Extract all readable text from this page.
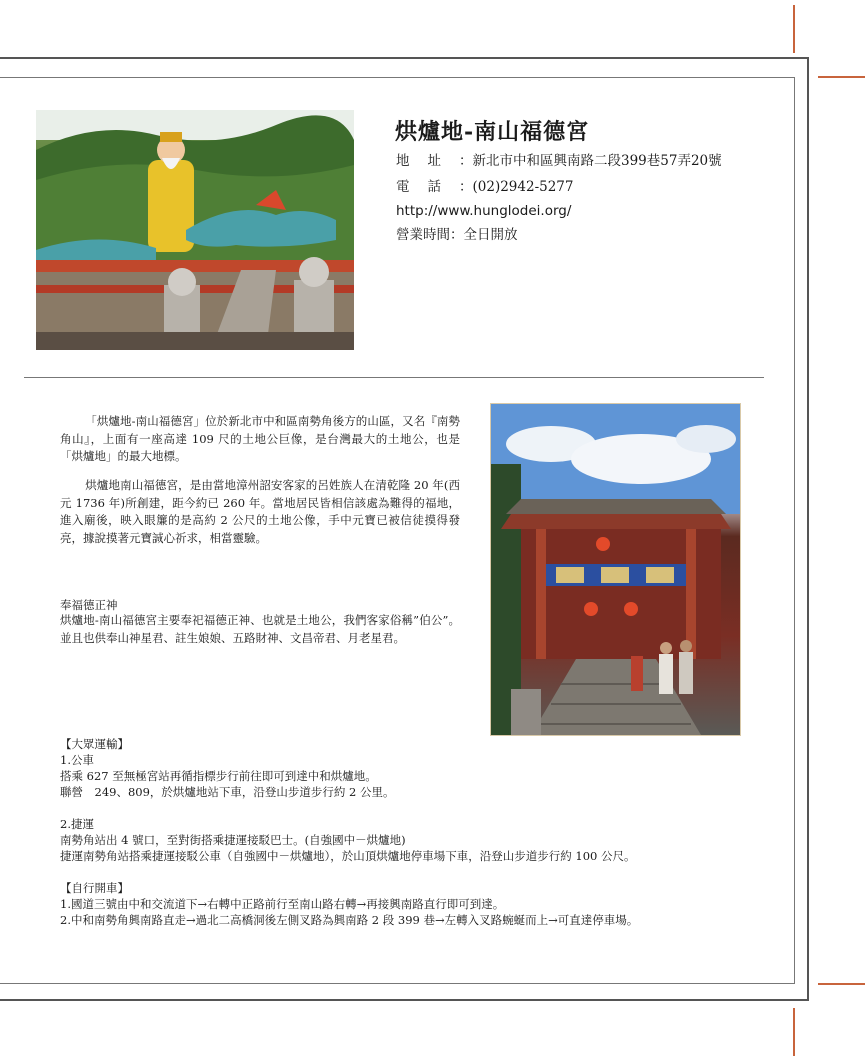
烘爐地-南山福德宮
地址：新北市中和區興南路二段399巷57弄20號
電話：(02)2942-5277
http://www.hunglodei.org/
營業時間：全日開放
「烘爐地-南山福德宮」位於新北市中和區南勢角後方的山區，又名『南勢角山』，上面有一座高達 109 尺的土地公巨像，是台灣最大的土地公，也是「烘爐地」的最大地標。
烘爐地南山福德宮，是由當地漳州詔安客家的呂姓族人在清乾隆 20 年(西元 1736 年)所創建，距今約已 260 年。當地居民皆相信該處為難得的福地，進入廟後，映入眼簾的是高約 2 公尺的土地公像，手中元寶已被信徒摸得發亮，據說摸著元寶誠心祈求，相當靈驗。
奉福德正神
烘爐地-南山福德宮主要奉祀福德正神、也就是土地公，我們客家俗稱”伯公”。並且也供奉山神星君、註生娘娘、五路財神、文昌帝君、月老星君。
【大眾運輸】
1.公車
搭乘 627 至無極宮站再循指標步行前往即可到達中和烘爐地。
聯營　249、809，於烘爐地站下車，沿登山步道步行約 2 公里。
2.捷運
南勢角站出 4 號口，至對街搭乘捷運接駁巴士。(自強國中－烘爐地)
捷運南勢角站搭乘捷運接駁公車（自強國中－烘爐地），於山頂烘爐地停車場下車，沿登山步道步行約 100 公尺。
【自行開車】
1.國道三號由中和交流道下→右轉中正路前行至南山路右轉→再接興南路直行即可到達。
2.中和南勢角興南路直走→過北二高橋洞後左側叉路為興南路 2 段 399 巷→左轉入叉路蜿蜒而上→可直達停車場。
